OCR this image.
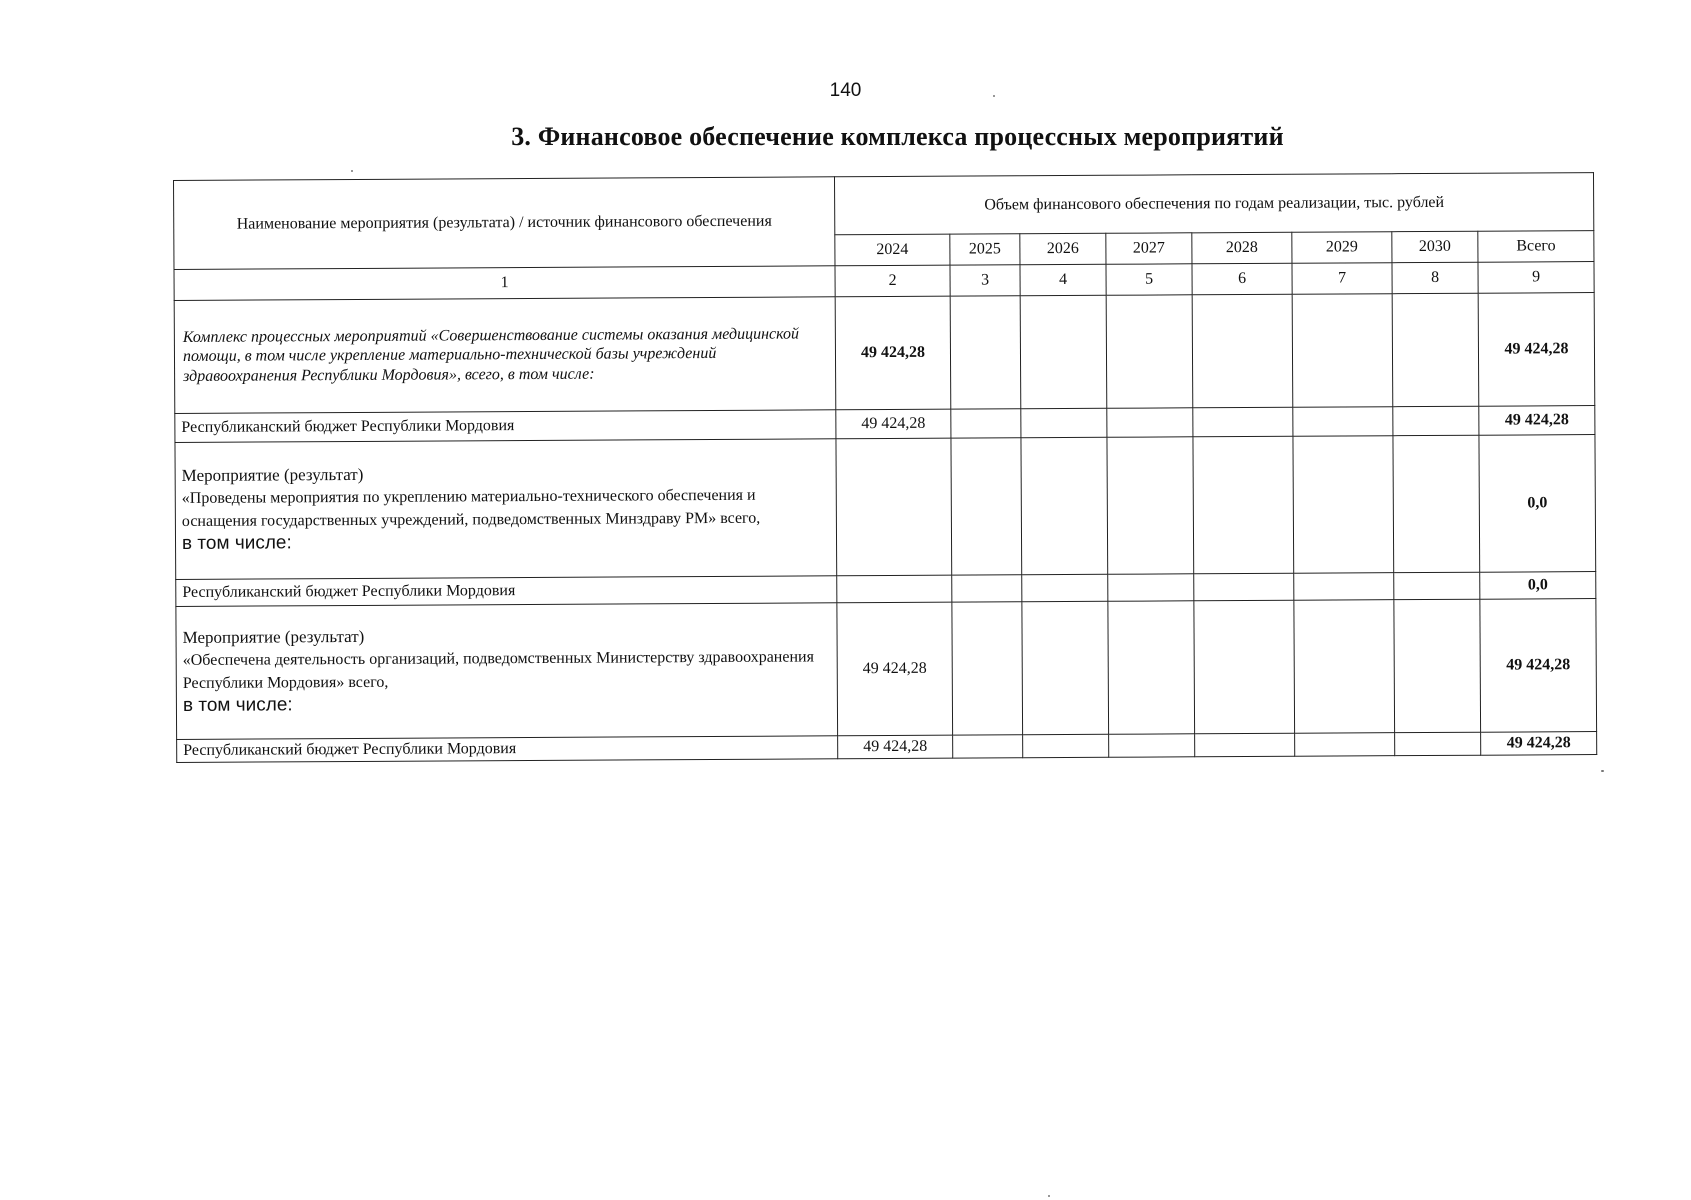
140
3. Финансовое обеспечение комплекса процессных мероприятий
Наименование мероприятия (результата) / источник финансового обеспечения	Объем финансового обеспечения по годам реализации, тыс. рублей							
	2024	2025	2026	2027	2028	2029	2030	Всего
1	2	3	4	5	6	7	8	9
Комплекс процессных мероприятий «Совершенствование системы оказания медицинской помощи, в том числе укрепление материально-технической базы учреждений здравоохранения Республики Мордовия», всего, в том числе:	49 424,28							49 424,28
Республиканский бюджет Республики Мордовия	49 424,28							49 424,28

Мероприятие (результат)
«Проведены мероприятия по укреплению материально-технического обеспечения и оснащения государственных учреждений, подведомственных Минздраву РМ» всего,
в том числе:								0,0
Республиканский бюджет Республики Мордовия								0,0

Мероприятие (результат)
«Обеспечена деятельность организаций, подведомственных Министерству здравоохранения Республики Мордовия» всего,
в том числе:	49 424,28							49 424,28
Республиканский бюджет Республики Мордовия	49 424,28							49 424,28
